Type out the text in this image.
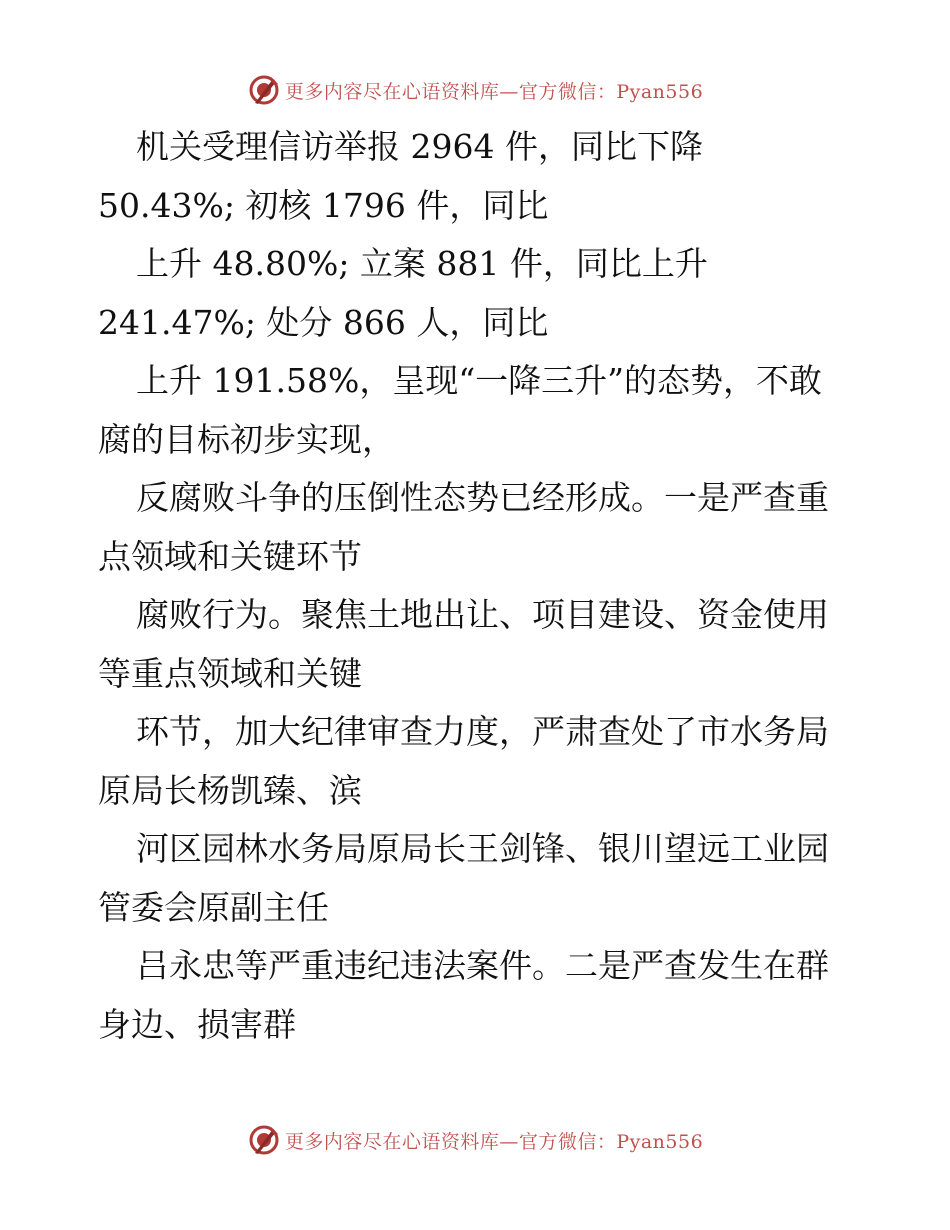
更多内容尽在心语资料库—官方微信：Pyan556
机关受理信访举报 2964 件，同比下降
50.43%; 初核 1796 件，同比
上升 48.80%; 立案 881 件，同比上升
241.47%; 处分 866 人，同比
上升 191.58%，呈现“一降三升”的态势，不敢
腐的目标初步实现，
反腐败斗争的压倒性态势已经形成。一是严查重
点领域和关键环节
腐败行为。聚焦土地出让、项目建设、资金使用
等重点领域和关键
环节，加大纪律审查力度，严肃查处了市水务局
原局长杨凯臻、滨
河区园林水务局原局长王剑锋、银川望远工业园
管委会原副主任
吕永忠等严重违纪违法案件。二是严查发生在群
身边、损害群
更多内容尽在心语资料库—官方微信：Pyan556
